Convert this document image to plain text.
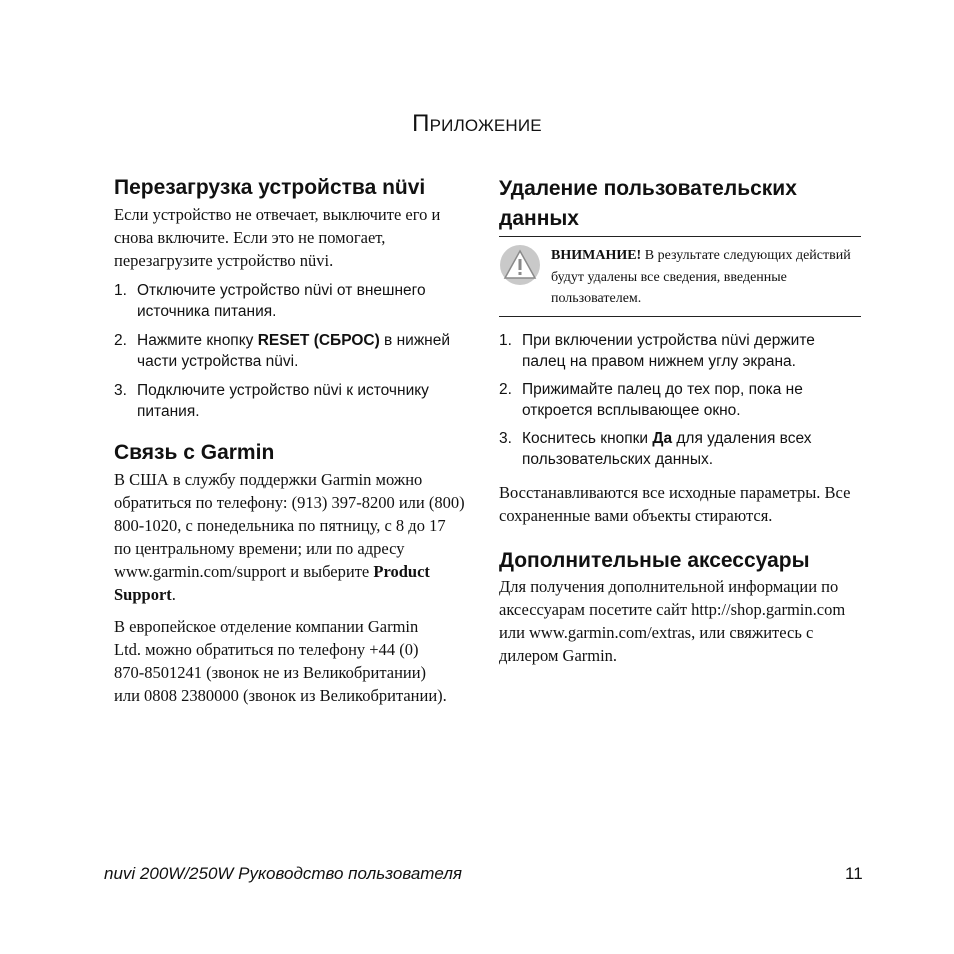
Приложение
Перезагрузка устройства nüvi

Если устройство не отвечает, выключите его и снова включите. Если это не помогает, перезагрузите устройство nüvi.

1. Отключите устройство nüvi от внешнего источника питания.
2. Нажмите кнопку RESET (СБРОС) в нижней части устройства nüvi.
3. Подключите устройство nüvi к источнику питания.
Связь с Garmin

В США в службу поддержки Garmin можно обратиться по телефону: (913) 397-8200 или (800) 800-1020, с понедельника по пятницу, с 8 до 17 по центральному времени; или по адресу www.garmin.com/support и выберите Product Support.

В европейское отделение компании Garmin Ltd. можно обратиться по телефону +44 (0) 870-8501241 (звонок не из Великобритании) или 0808 2380000 (звонок из Великобритании).

Удаление пользовательских данных
ВНИМАНИЕ! В результате следующих действий будут удалены все сведения, введенные пользователем.
1. При включении устройства nüvi держите палец на правом нижнем углу экрана.
2. Прижимайте палец до тех пор, пока не откроется всплывающее окно.
3. Коснитесь кнопки Да для удаления всех пользовательских данных.

Восстанавливаются все исходные параметры. Все сохраненные вами объекты стираются.

Дополнительные аксессуары

Для получения дополнительной информации по аксессуарам посетите сайт http://shop.garmin.com или www.garmin.com/extras, или свяжитесь с дилером Garmin.

nuvi 200W/250W Руководство пользователя	11
